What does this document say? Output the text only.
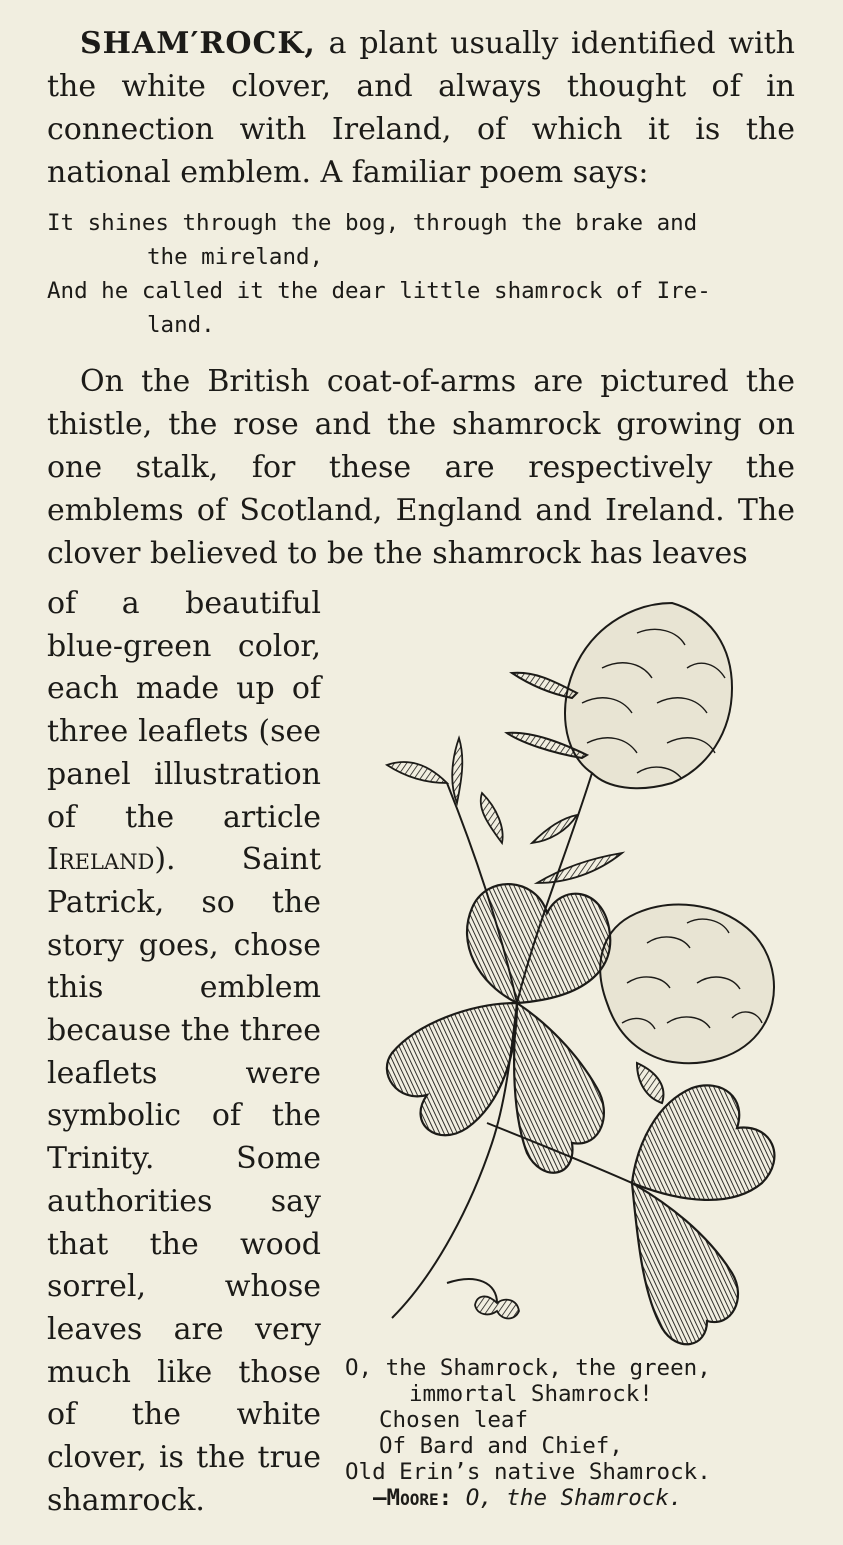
SHAM′ROCK, a plant usually identified with the white clover, and always thought of in connection with Ireland, of which it is the national emblem. A familiar poem says:

It shines through the bog, through the brake and
the mireland,
And he called it the dear little shamrock of Ire-
land.

On the British coat-of-arms are pictured the thistle, the rose and the shamrock growing on one stalk, for these are respectively the emblems of Scotland, England and Ireland. The clover believed to be the shamrock has leaves

of a beautiful blue-green color, each made up of three leaflets (see panel illustration of the article Ireland). Saint Patrick, so the story goes, chose this emblem because the three leaflets were symbolic of the Trinity. Some authorities say that the wood sorrel, whose leaves are very much like those of the white clover, is the true shamrock.
O, the Shamrock, the green,
immortal Shamrock!
Chosen leaf
Of Bard and Chief,
Old Erin’s native Shamrock.
—Moore: O, the Shamrock.
